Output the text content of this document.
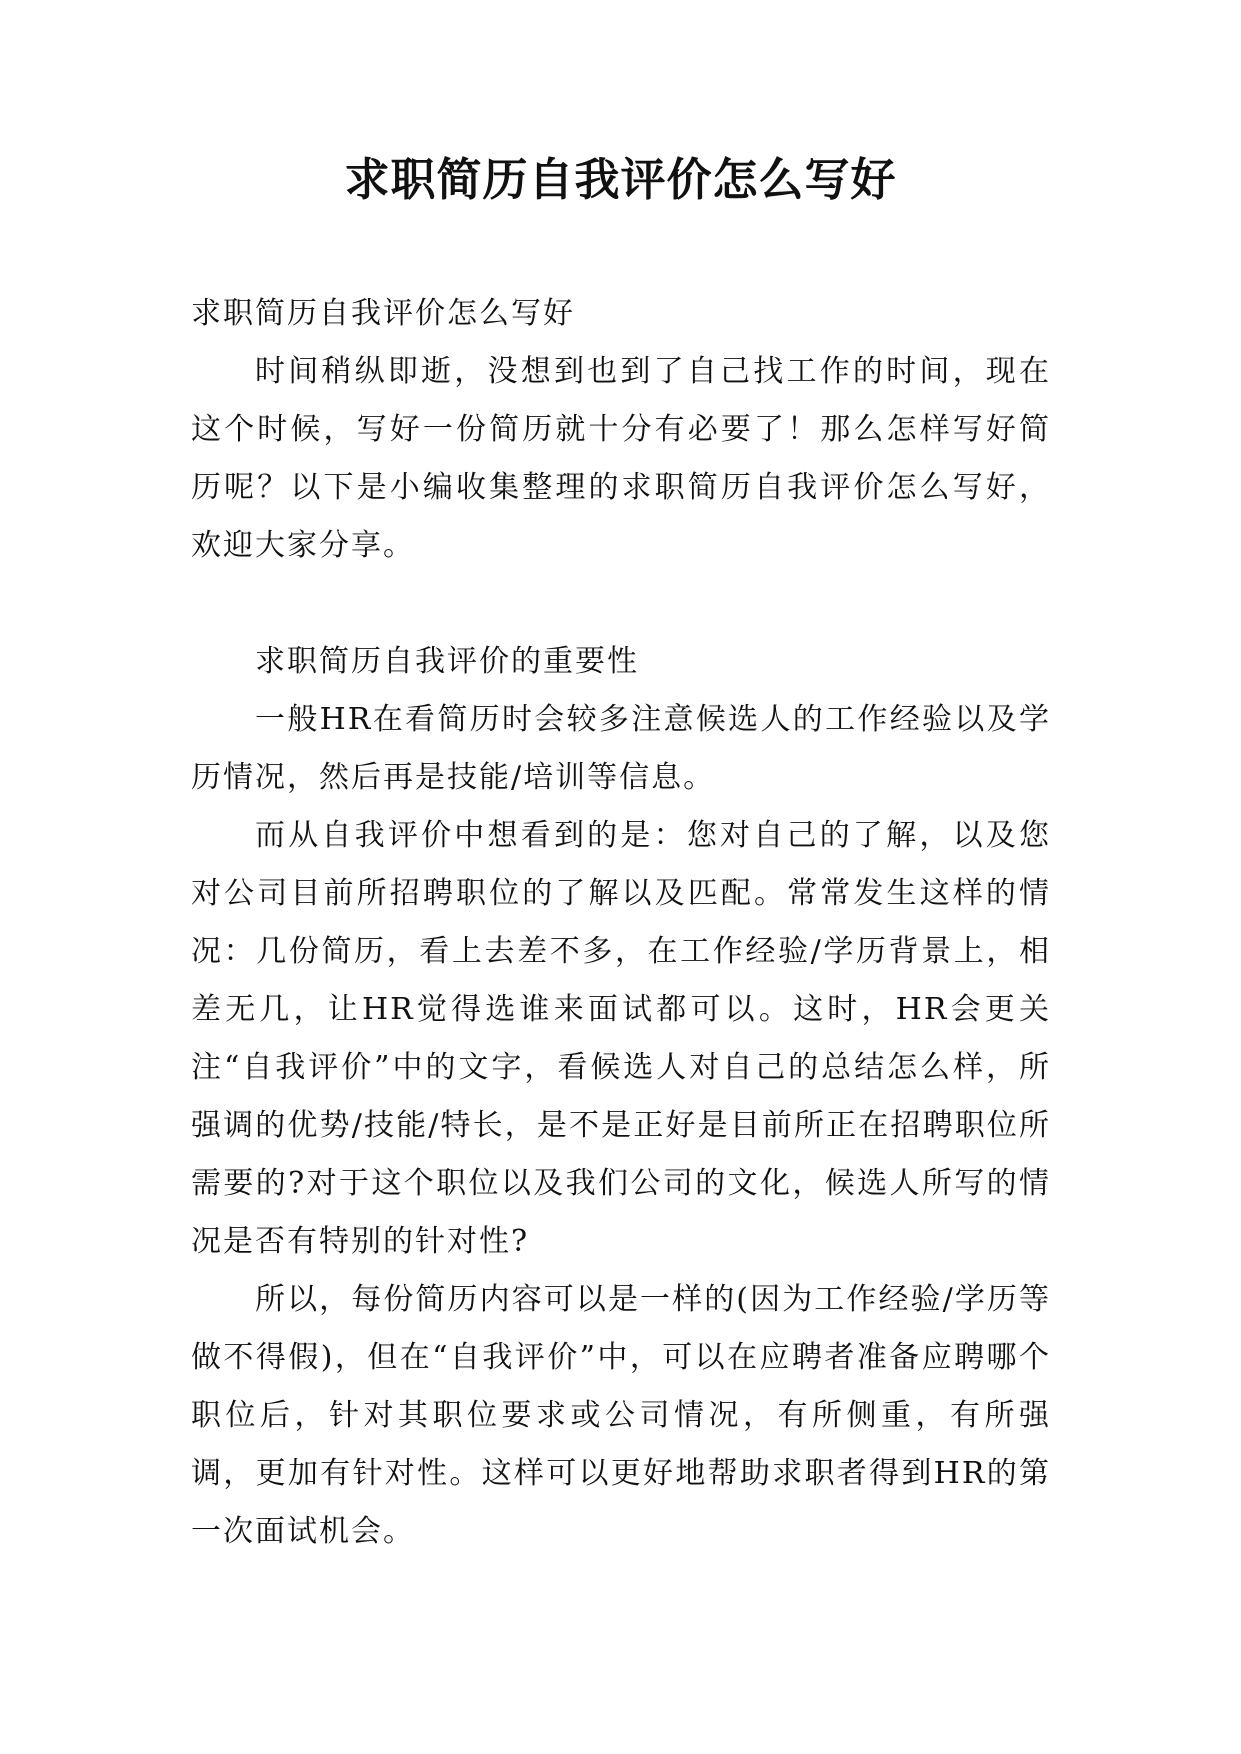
求职简历自我评价怎么写好

求职简历自我评价怎么写好

时间稍纵即逝，没想到也到了自己找工作的时间，现在这个时候，写好一份简历就十分有必要了！那么怎样写好简历呢？以下是小编收集整理的求职简历自我评价怎么写好，欢迎大家分享。

求职简历自我评价的重要性

一般HR在看简历时会较多注意候选人的工作经验以及学历情况，然后再是技能/培训等信息。

而从自我评价中想看到的是：您对自己的了解，以及您对公司目前所招聘职位的了解以及匹配。常常发生这样的情况：几份简历，看上去差不多，在工作经验/学历背景上，相差无几，让HR觉得选谁来面试都可以。这时，HR会更关注“自我评价”中的文字，看候选人对自己的总结怎么样，所强调的优势/技能/特长，是不是正好是目前所正在招聘职位所需要的?对于这个职位以及我们公司的文化，候选人所写的情况是否有特别的针对性?

所以，每份简历内容可以是一样的(因为工作经验/学历等做不得假)，但在“自我评价”中，可以在应聘者准备应聘哪个职位后，针对其职位要求或公司情况，有所侧重，有所强调，更加有针对性。这样可以更好地帮助求职者得到HR的第一次面试机会。
